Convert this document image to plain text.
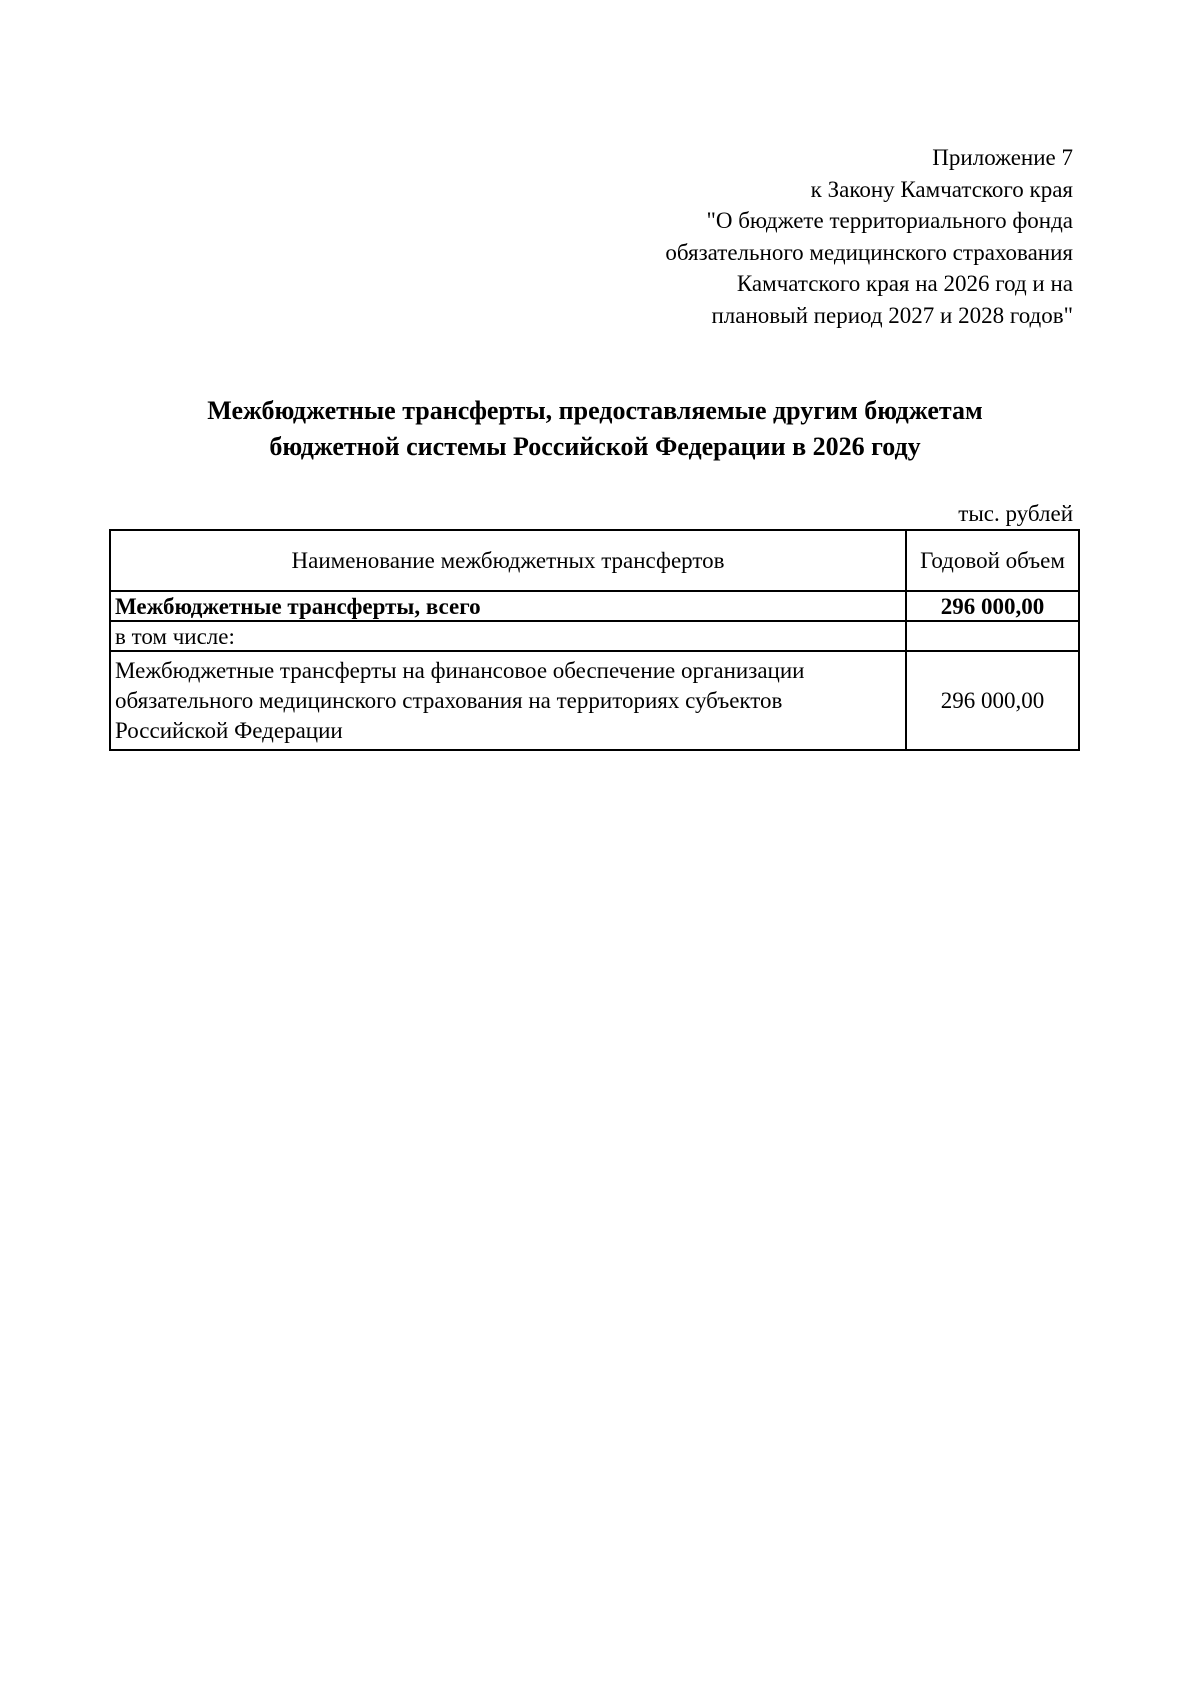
Приложение 7
к Закону Камчатского края
"О бюджете территориального фонда
обязательного медицинского страхования
Камчатского края на 2026 год и на
плановый период 2027 и 2028 годов"
Межбюджетные трансферты, предоставляемые другим бюджетам
бюджетной системы Российской Федерации в 2026 году
тыс. рублей
Наименование межбюджетных трансфертов	Годовой объем
Межбюджетные трансферты, всего	296 000,00
в том числе:	
Межбюджетные трансферты на финансовое обеспечение организации обязательного медицинского страхования на территориях субъектов Российской Федерации	296 000,00
